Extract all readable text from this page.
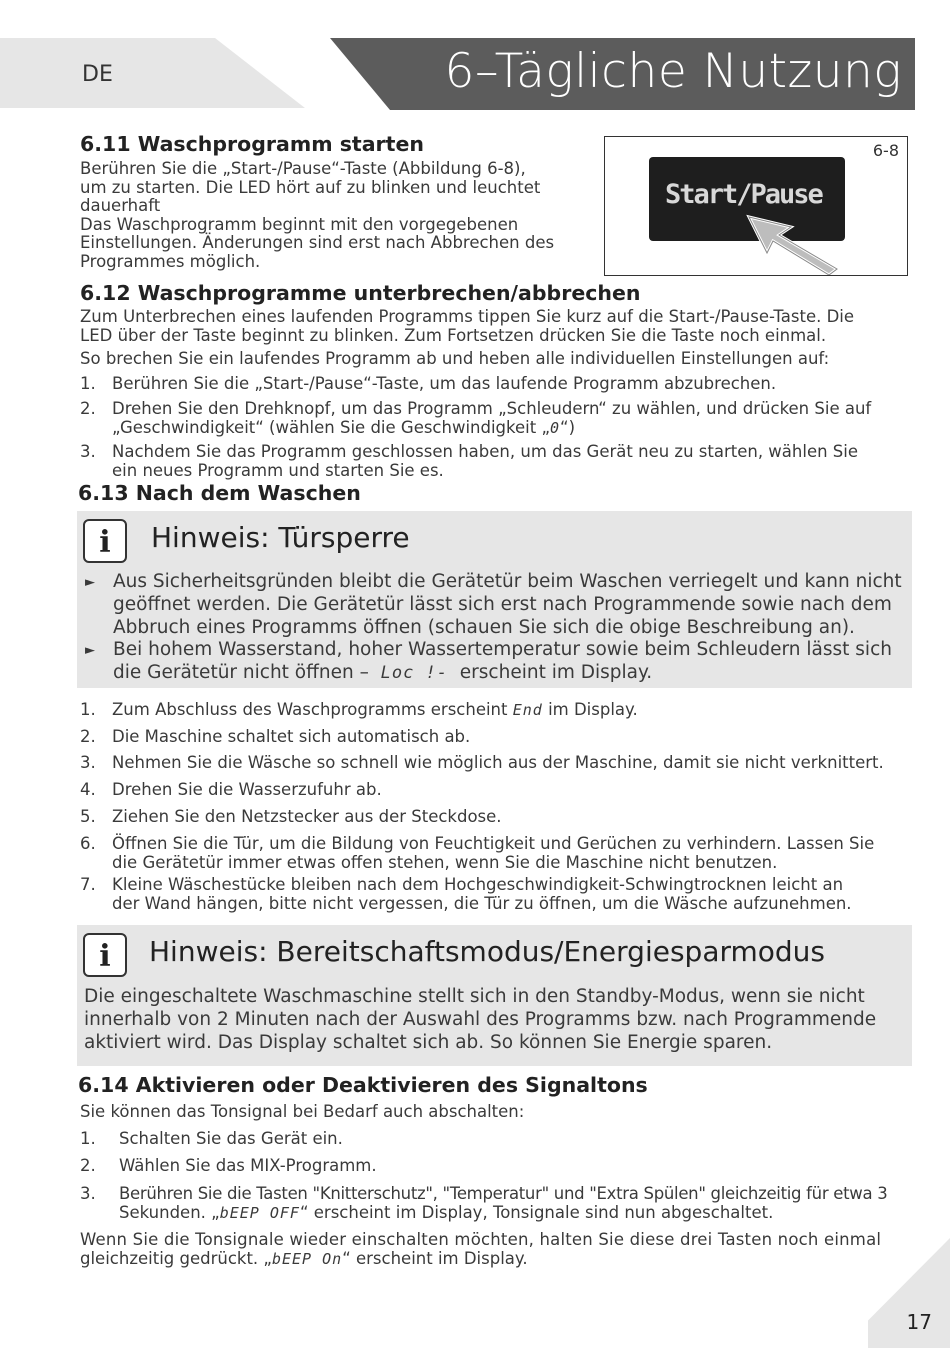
DE	6–Tägliche Nutzung
6.11 Waschprogramm starten
Berühren Sie die „Start-/Pause“-Taste (Abbildung 6-8),
um zu starten. Die LED hört auf zu blinken und leuchtet
dauerhaft
Das Waschprogramm beginnt mit den vorgegebenen
Einstellungen. Änderungen sind erst nach Abbrechen des
Programmes möglich.
6-8
Start/Pause
6.12 Waschprogramme unterbrechen/abbrechen
Zum Unterbrechen eines laufenden Programms tippen Sie kurz auf die Start-/Pause-Taste. Die
LED über der Taste beginnt zu blinken. Zum Fortsetzen drücken Sie die Taste noch einmal.
So brechen Sie ein laufendes Programm ab und heben alle individuellen Einstellungen auf:
1. Berühren Sie die „Start-/Pause“-Taste, um das laufende Programm abzubrechen.
2. Drehen Sie den Drehknopf, um das Programm „Schleudern“ zu wählen, und drücken Sie auf
„Geschwindigkeit“ (wählen Sie die Geschwindigkeit „0“)
3. Nachdem Sie das Programm geschlossen haben, um das Gerät neu zu starten, wählen Sie
ein neues Programm und starten Sie es.
6.13 Nach dem Waschen
i	Hinweis: Türsperre
► Aus Sicherheitsgründen bleibt die Gerätetür beim Waschen verriegelt und kann nicht
geöffnet werden. Die Gerätetür lässt sich erst nach Programmende sowie nach dem
Abbruch eines Programms öffnen (schauen Sie sich die obige Beschreibung an).
► Bei hohem Wasserstand, hoher Wassertemperatur sowie beim Schleudern lässt sich
die Gerätetür nicht öffnen – Loc !- erscheint im Display.
1. Zum Abschluss des Waschprogramms erscheint End im Display.
2. Die Maschine schaltet sich automatisch ab.
3. Nehmen Sie die Wäsche so schnell wie möglich aus der Maschine, damit sie nicht verknittert.
4. Drehen Sie die Wasserzufuhr ab.
5. Ziehen Sie den Netzstecker aus der Steckdose.
6. Öffnen Sie die Tür, um die Bildung von Feuchtigkeit und Gerüchen zu verhindern. Lassen Sie
die Gerätetür immer etwas offen stehen, wenn Sie die Maschine nicht benutzen.
7. Kleine Wäschestücke bleiben nach dem Hochgeschwindigkeit-Schwingtrocknen leicht an
der Wand hängen, bitte nicht vergessen, die Tür zu öffnen, um die Wäsche aufzunehmen.
i	Hinweis: Bereitschaftsmodus/Energiesparmodus
Die eingeschaltete Waschmaschine stellt sich in den Standby-Modus, wenn sie nicht
innerhalb von 2 Minuten nach der Auswahl des Programms bzw. nach Programmende
aktiviert wird. Das Display schaltet sich ab. So können Sie Energie sparen.
6.14 Aktivieren oder Deaktivieren des Signaltons
Sie können das Tonsignal bei Bedarf auch abschalten:
1. Schalten Sie das Gerät ein.
2. Wählen Sie das MIX-Programm.
3. Berühren Sie die Tasten "Knitterschutz", "Temperatur" und "Extra Spülen" gleichzeitig für etwa 3
Sekunden. „bEEP OFF“ erscheint im Display, Tonsignale sind nun abgeschaltet.
Wenn Sie die Tonsignale wieder einschalten möchten, halten Sie diese drei Tasten noch einmal
gleichzeitig gedrückt. „bEEP On“ erscheint im Display.
17
